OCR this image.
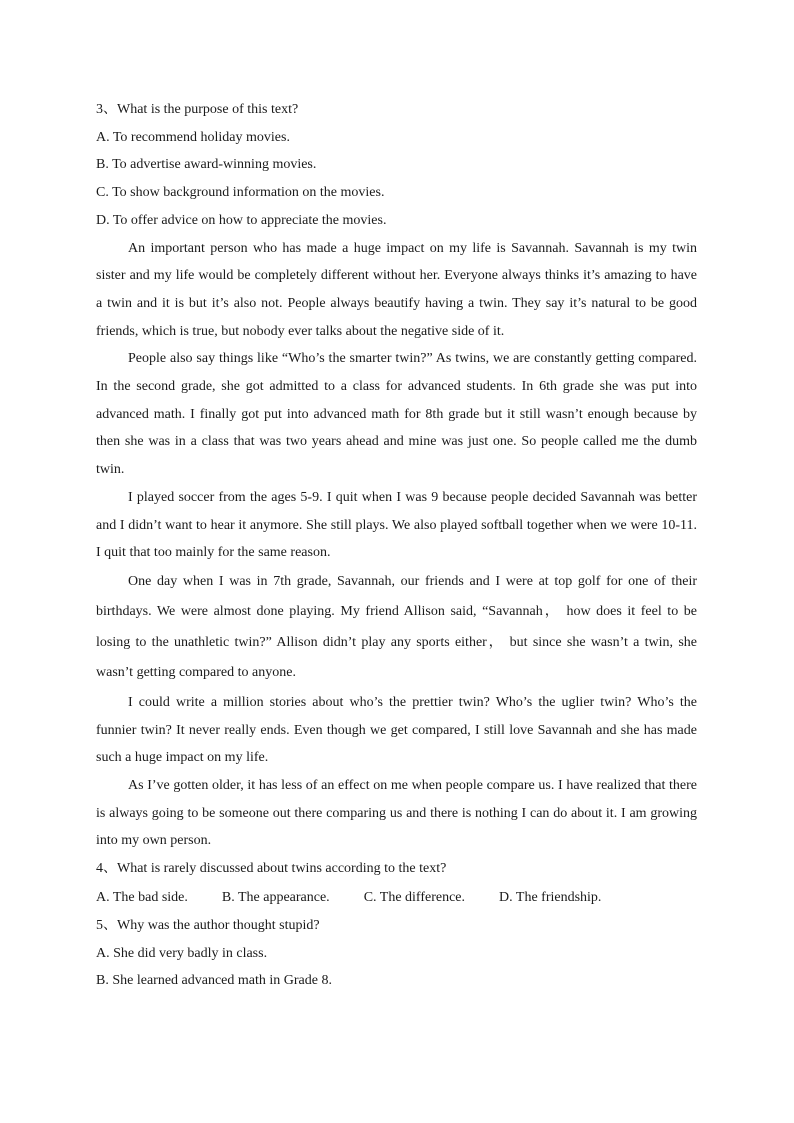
3、What is the purpose of this text?
A. To recommend holiday movies.
B. To advertise award-winning movies.
C. To show background information on the movies.
D. To offer advice on how to appreciate the movies.

An important person who has made a huge impact on my life is Savannah. Savannah is my twin sister and my life would be completely different without her. Everyone always thinks it’s amazing to have a twin and it is but it’s also not. People always beautify having a twin. They say it’s natural to be good friends, which is true, but nobody ever talks about the negative side of it.

People also say things like “Who’s the smarter twin?” As twins, we are constantly getting compared. In the second grade, she got admitted to a class for advanced students. In 6th grade she was put into advanced math. I finally got put into advanced math for 8th grade but it still wasn’t enough because by then she was in a class that was two years ahead and mine was just one. So people called me the dumb twin.

I played soccer from the ages 5-9. I quit when I was 9 because people decided Savannah was better and I didn’t want to hear it anymore. She still plays. We also played softball together when we were 10-11. I quit that too mainly for the same reason.

One day when I was in 7th grade, Savannah, our friends and I were at top golf for one of their birthdays. We were almost done playing. My friend Allison said, “Savannah， how does it feel to be losing to the unathletic twin?” Allison didn’t play any sports either， but since she wasn’t a twin, she wasn’t getting compared to anyone.

I could write a million stories about who’s the prettier twin? Who’s the uglier twin? Who’s the funnier twin? It never really ends. Even though we get compared, I still love Savannah and she has made such a huge impact on my life.

As I’ve gotten older, it has less of an effect on me when people compare us. I have realized that there is always going to be someone out there comparing us and there is nothing I can do about it. I am growing into my own person.

4、What is rarely discussed about twins according to the text?
A. The bad side. B. The appearance. C. The difference. D. The friendship.
5、Why was the author thought stupid?
A. She did very badly in class.
B. She learned advanced math in Grade 8.
